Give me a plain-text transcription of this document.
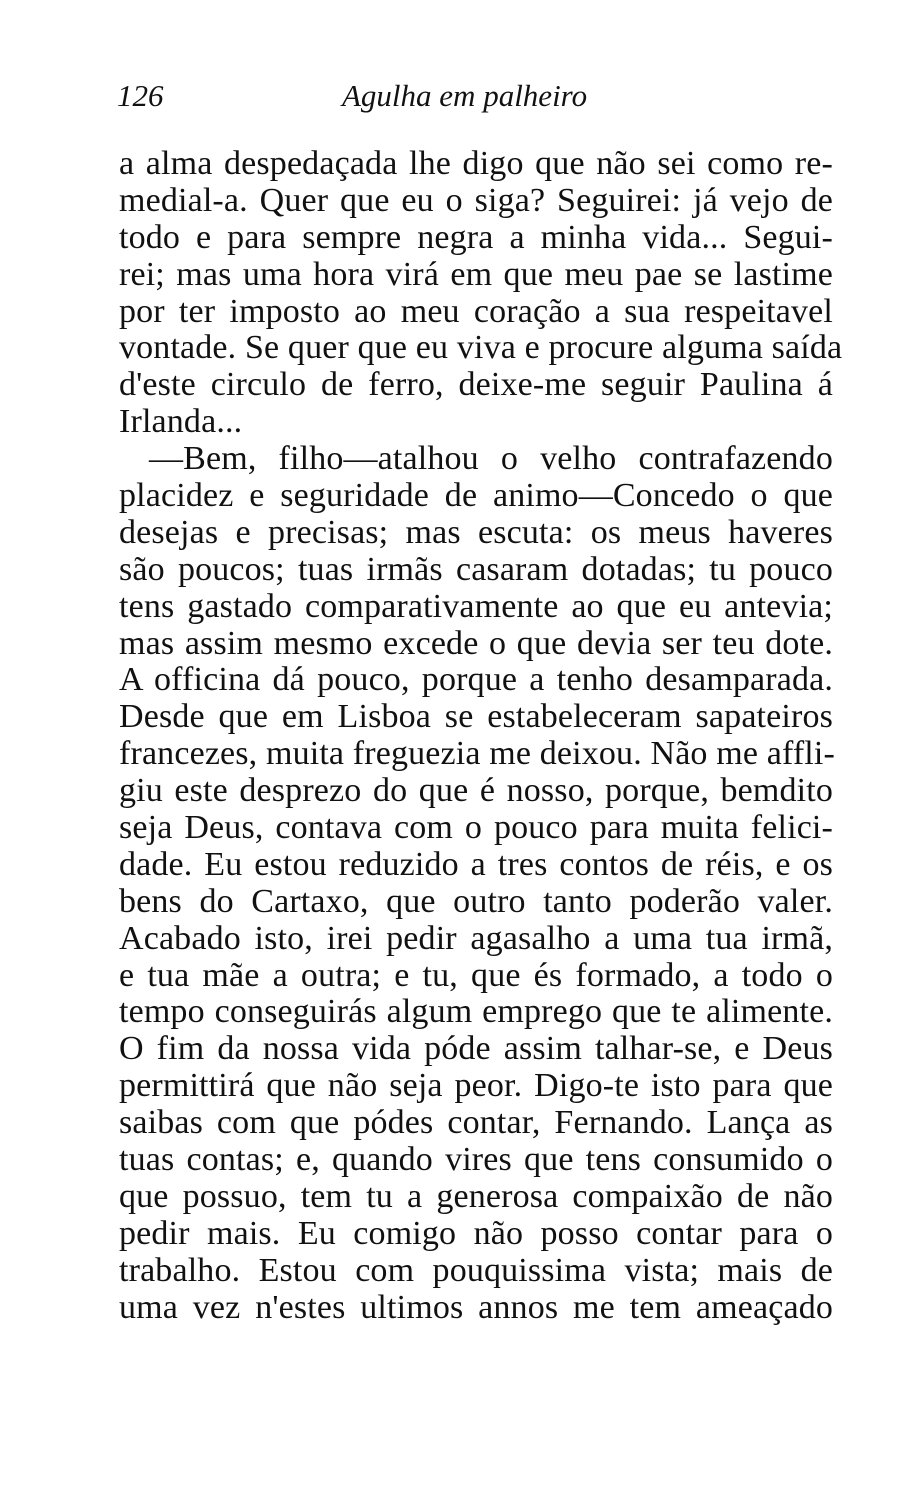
126	Agulha em palheiro
a alma despedaçada lhe digo que não sei como re-
medial-a. Quer que eu o siga? Seguirei: já vejo de
todo e para sempre negra a minha vida... Segui-
rei; mas uma hora virá em que meu pae se lastime
por ter imposto ao meu coração a sua respeitavel
vontade. Se quer que eu viva e procure alguma saída
d'este circulo de ferro, deixe-me seguir Paulina á
Irlanda...
—Bem, filho—atalhou o velho contrafazendo
placidez e seguridade de animo—Concedo o que
desejas e precisas; mas escuta: os meus haveres
são poucos; tuas irmãs casaram dotadas; tu pouco
tens gastado comparativamente ao que eu antevia;
mas assim mesmo excede o que devia ser teu dote.
A officina dá pouco, porque a tenho desamparada.
Desde que em Lisboa se estabeleceram sapateiros
francezes, muita freguezia me deixou. Não me affli-
giu este desprezo do que é nosso, porque, bemdito
seja Deus, contava com o pouco para muita felici-
dade. Eu estou reduzido a tres contos de réis, e os
bens do Cartaxo, que outro tanto poderão valer.
Acabado isto, irei pedir agasalho a uma tua irmã,
e tua mãe a outra; e tu, que és formado, a todo o
tempo conseguirás algum emprego que te alimente.
O fim da nossa vida póde assim talhar-se, e Deus
permittirá que não seja peor. Digo-te isto para que
saibas com que pódes contar, Fernando. Lança as
tuas contas; e, quando vires que tens consumido o
que possuo, tem tu a generosa compaixão de não
pedir mais. Eu comigo não posso contar para o
trabalho. Estou com pouquissima vista; mais de
uma vez n'estes ultimos annos me tem ameaçado
